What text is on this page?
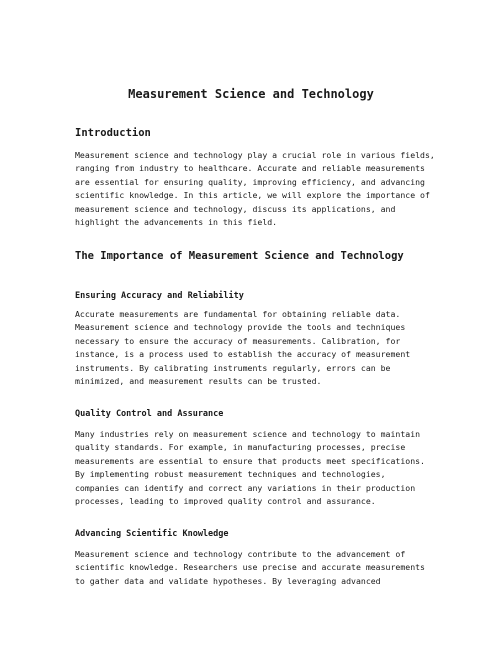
Measurement Science and Technology
Introduction
Measurement science and technology play a crucial role in various fields,
ranging from industry to healthcare. Accurate and reliable measurements
are essential for ensuring quality, improving efficiency, and advancing
scientific knowledge. In this article, we will explore the importance of
measurement science and technology, discuss its applications, and
highlight the advancements in this field.
The Importance of Measurement Science and Technology
Ensuring Accuracy and Reliability
Accurate measurements are fundamental for obtaining reliable data.
Measurement science and technology provide the tools and techniques
necessary to ensure the accuracy of measurements. Calibration, for
instance, is a process used to establish the accuracy of measurement
instruments. By calibrating instruments regularly, errors can be
minimized, and measurement results can be trusted.
Quality Control and Assurance
Many industries rely on measurement science and technology to maintain
quality standards. For example, in manufacturing processes, precise
measurements are essential to ensure that products meet specifications.
By implementing robust measurement techniques and technologies,
companies can identify and correct any variations in their production
processes, leading to improved quality control and assurance.
Advancing Scientific Knowledge
Measurement science and technology contribute to the advancement of
scientific knowledge. Researchers use precise and accurate measurements
to gather data and validate hypotheses. By leveraging advanced
